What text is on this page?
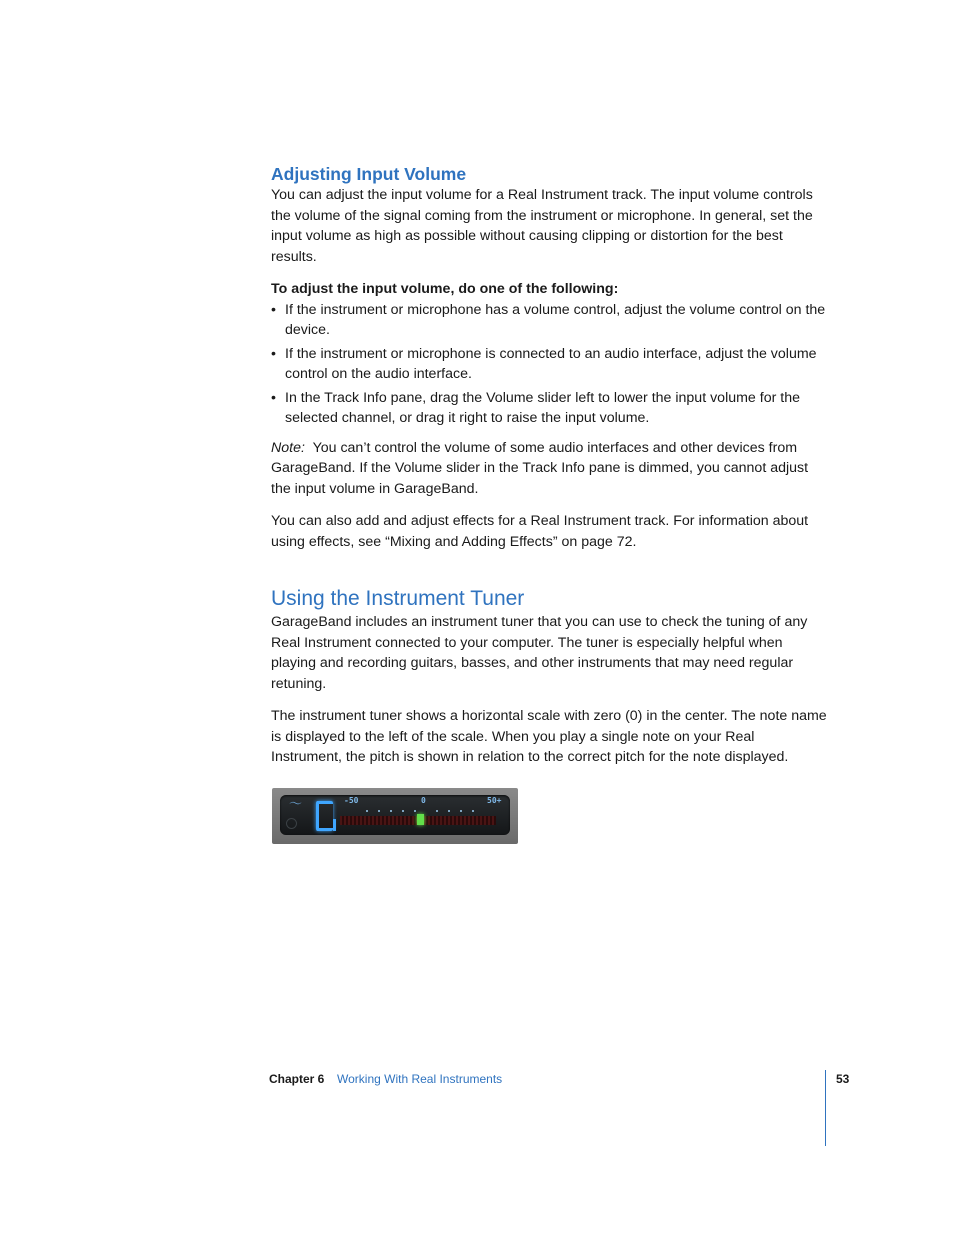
Adjusting Input Volume

You can adjust the input volume for a Real Instrument track. The input volume controls the volume of the signal coming from the instrument or microphone. In general, set the input volume as high as possible without causing clipping or distortion for the best results.

To adjust the input volume, do one of the following:

• If the instrument or microphone has a volume control, adjust the volume control on the device.
• If the instrument or microphone is connected to an audio interface, adjust the volume control on the audio interface.
• In the Track Info pane, drag the Volume slider left to lower the input volume for the selected channel, or drag it right to raise the input volume.

Note: You can’t control the volume of some audio interfaces and other devices from GarageBand. If the Volume slider in the Track Info pane is dimmed, you cannot adjust the input volume in GarageBand.

You can also add and adjust effects for a Real Instrument track. For information about using effects, see “Mixing and Adding Effects” on page 72.

Using the Instrument Tuner

GarageBand includes an instrument tuner that you can use to check the tuning of any Real Instrument connected to your computer. The tuner is especially helpful when playing and recording guitars, basses, and other instruments that may need regular retuning.

The instrument tuner shows a horizontal scale with zero (0) in the center. The note name is displayed to the left of the scale. When you play a single note on your Real Instrument, the pitch is shown in relation to the correct pitch for the note displayed.

〜	-50	0	50+
Chapter 6 Working With Real Instruments	53
